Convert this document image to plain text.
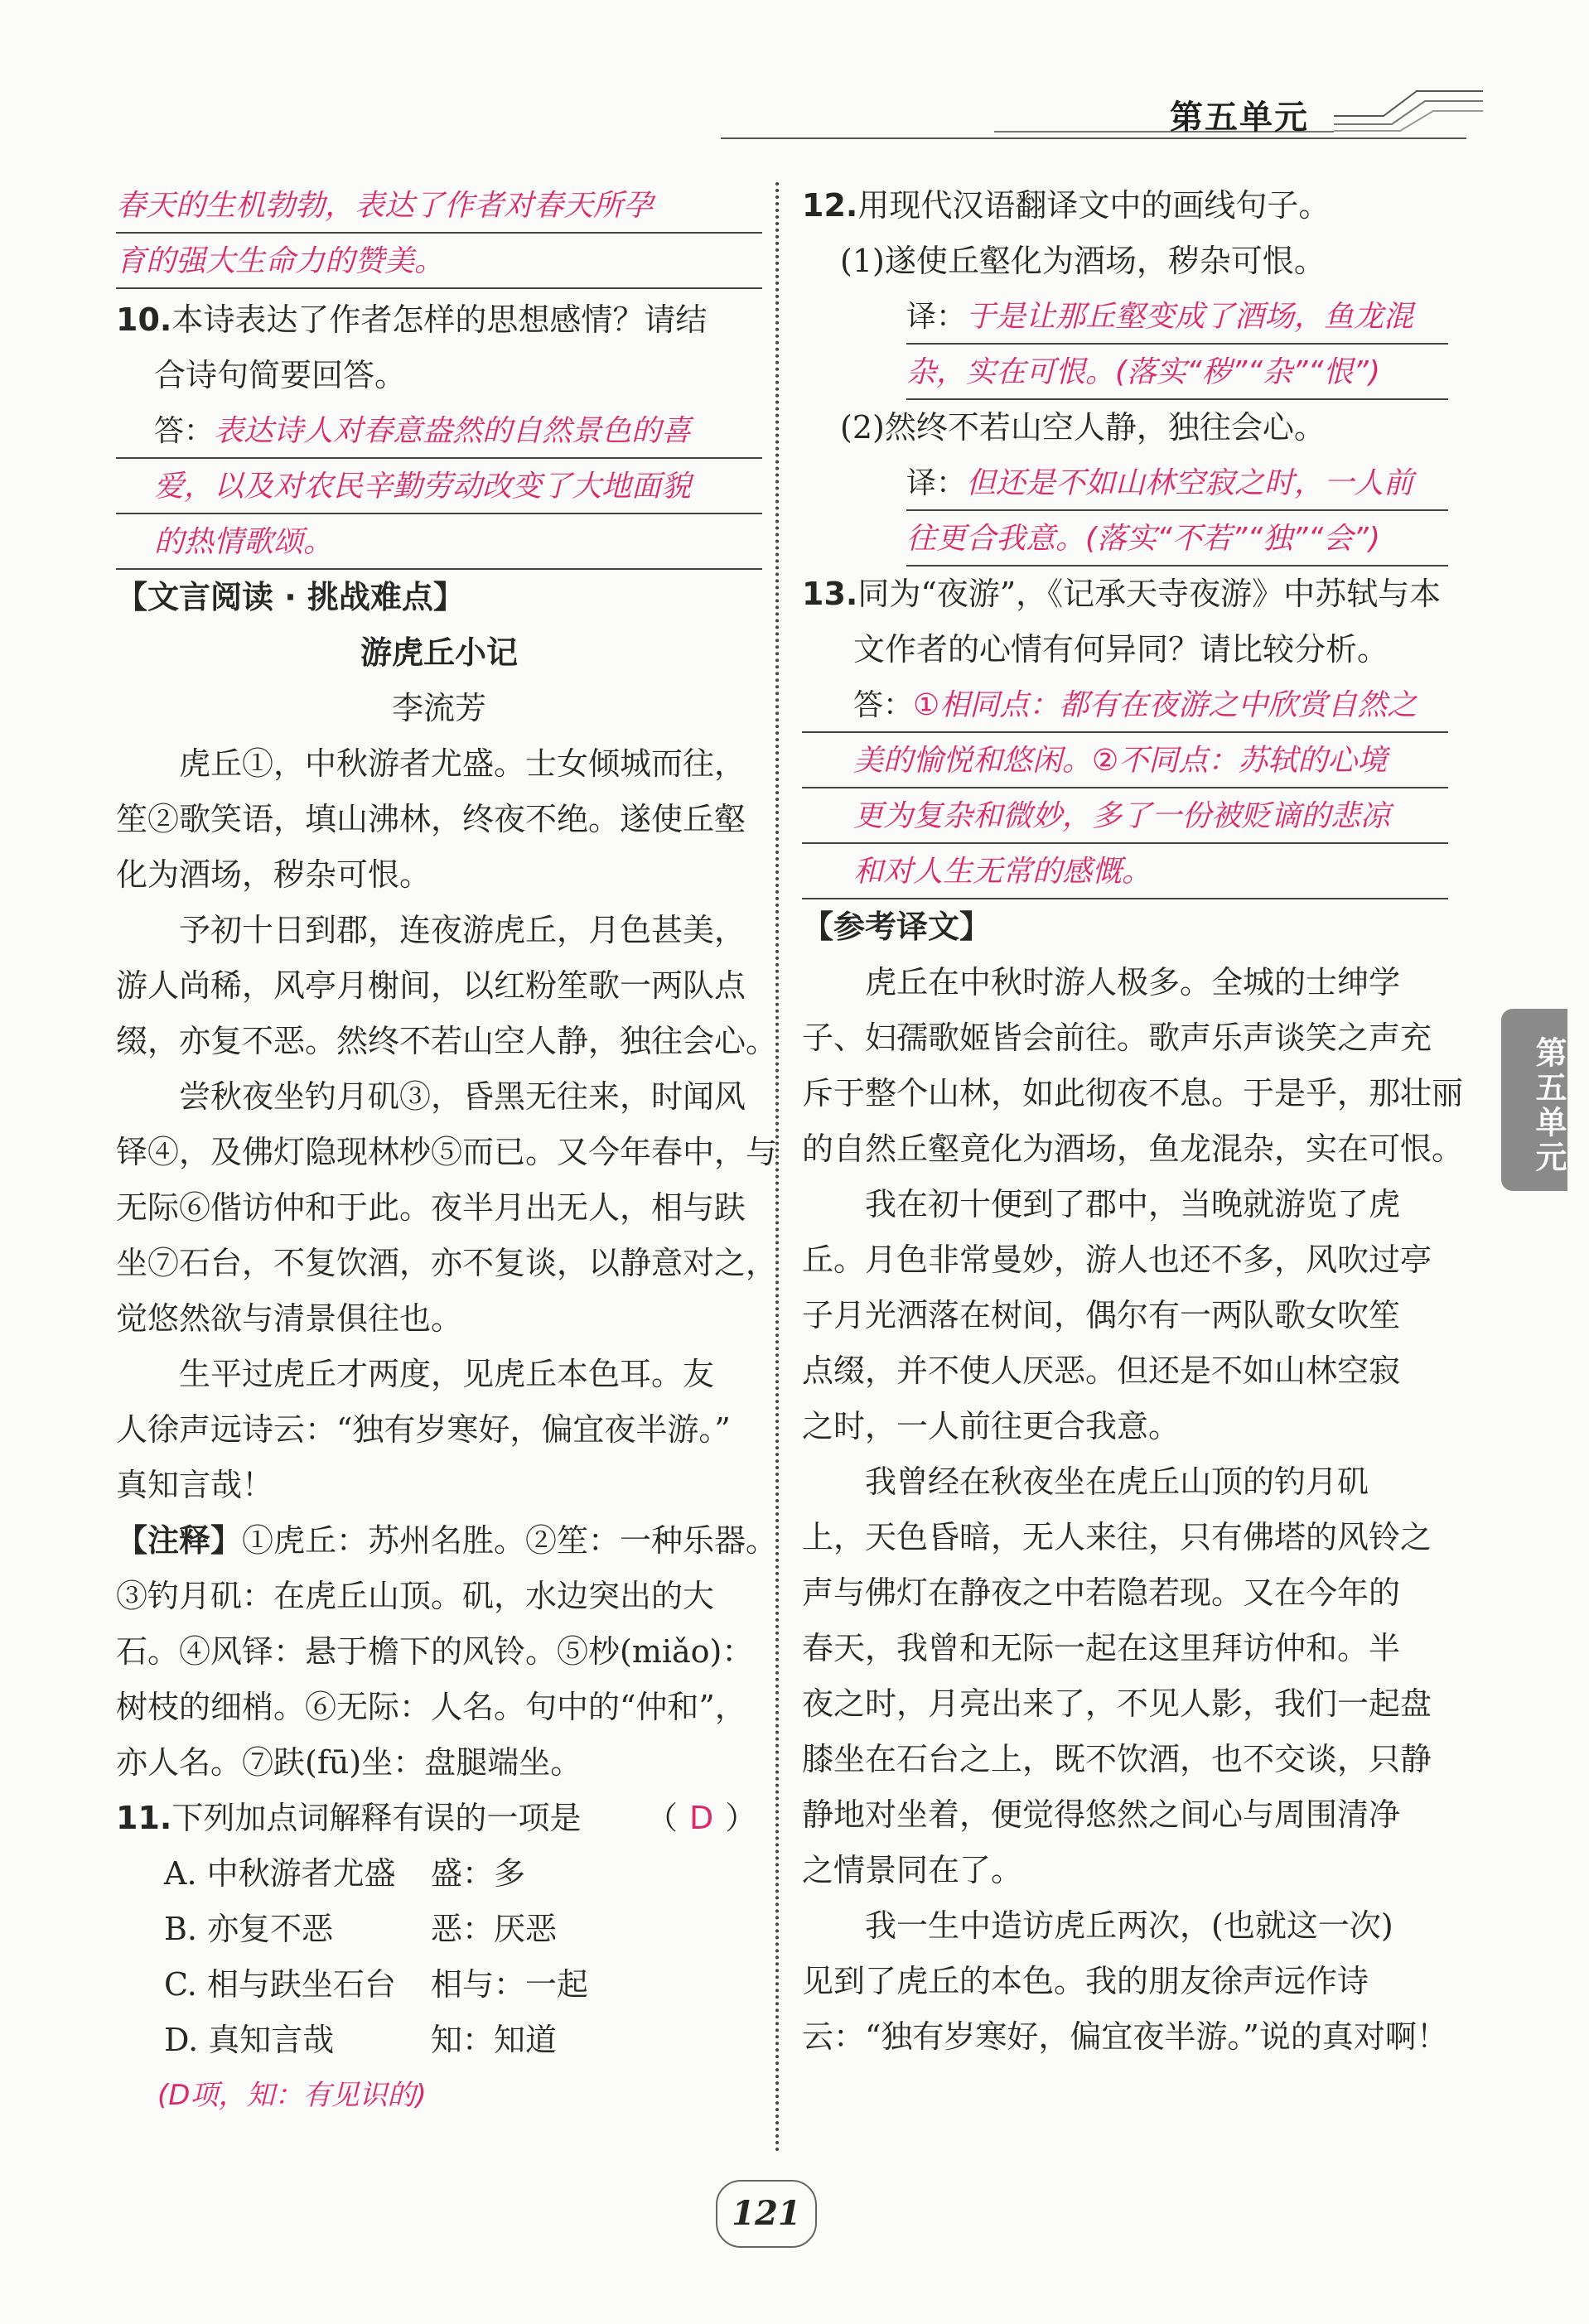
第五单元
第五单元
春天的生机勃勃，表达了作者对春天所孕
育的强大生命力的赞美。
10.本诗表达了作者怎样的思想感情？请结
合诗句简要回答。
答：表达诗人对春意盎然的自然景色的喜
爱，以及对农民辛勤劳动改变了大地面貌
的热情歌颂。
【文言阅读 · 挑战难点】
游虎丘小记
李流芳
虎丘①，中秋游者尤盛。士女倾城而往，
笙②歌笑语，填山沸林，终夜不绝。遂使丘壑
化为酒场，秽杂可恨。
予初十日到郡，连夜游虎丘，月色甚美，
游人尚稀，风亭月榭间，以红粉笙歌一两队点
缀，亦复不恶。然终不若山空人静，独往会心。
尝秋夜坐钓月矶③，昏黑无往来，时闻风
铎④，及佛灯隐现林杪⑤而已。又今年春中，与
无际⑥偕访仲和于此。夜半月出无人，相与趺
坐⑦石台，不复饮酒，亦不复谈，以静意对之，
觉悠然欲与清景俱往也。
生平过虎丘才两度，见虎丘本色耳。友
人徐声远诗云：“独有岁寒好，偏宜夜半游。”
真知言哉！
【注释】①虎丘：苏州名胜。②笙：一种乐器。
③钓月矶：在虎丘山顶。矶，水边突出的大
石。④风铎：悬于檐下的风铃。⑤杪(miǎo)：
树枝的细梢。⑥无际：人名。句中的“仲和”，
亦人名。⑦趺(fū)坐：盘腿端坐。
11.下列加点词解释有误的一项是 （ D ）
A. 中秋游者尤盛 盛：多
B. 亦复不恶	恶：厌恶
C. 相与趺坐石台 相与：一起
D. 真知言哉	知：知道
(D项，知：有见识的)
12.用现代汉语翻译文中的画线句子。
(1)遂使丘壑化为酒场，秽杂可恨。
译：于是让那丘壑变成了酒场，鱼龙混
杂，实在可恨。(落实“秽”“杂”“恨”)
(2)然终不若山空人静，独往会心。
译：但还是不如山林空寂之时，一人前
往更合我意。(落实“不若”“独”“会”)
13.同为“夜游”，《记承天寺夜游》中苏轼与本
文作者的心情有何异同？请比较分析。
答：①相同点：都有在夜游之中欣赏自然之
美的愉悦和悠闲。②不同点：苏轼的心境
更为复杂和微妙，多了一份被贬谪的悲凉
和对人生无常的感慨。
【参考译文】
虎丘在中秋时游人极多。全城的士绅学
子、妇孺歌姬皆会前往。歌声乐声谈笑之声充
斥于整个山林，如此彻夜不息。于是乎，那壮丽
的自然丘壑竟化为酒场，鱼龙混杂，实在可恨。
我在初十便到了郡中，当晚就游览了虎
丘。月色非常曼妙，游人也还不多，风吹过亭
子月光洒落在树间，偶尔有一两队歌女吹笙
点缀，并不使人厌恶。但还是不如山林空寂
之时，一人前往更合我意。
我曾经在秋夜坐在虎丘山顶的钓月矶
上，天色昏暗，无人来往，只有佛塔的风铃之
声与佛灯在静夜之中若隐若现。又在今年的
春天，我曾和无际一起在这里拜访仲和。半
夜之时，月亮出来了，不见人影，我们一起盘
膝坐在石台之上，既不饮酒，也不交谈，只静
静地对坐着，便觉得悠然之间心与周围清净
之情景同在了。
我一生中造访虎丘两次，(也就这一次)
见到了虎丘的本色。我的朋友徐声远作诗
云：“独有岁寒好，偏宜夜半游。”说的真对啊！
121
